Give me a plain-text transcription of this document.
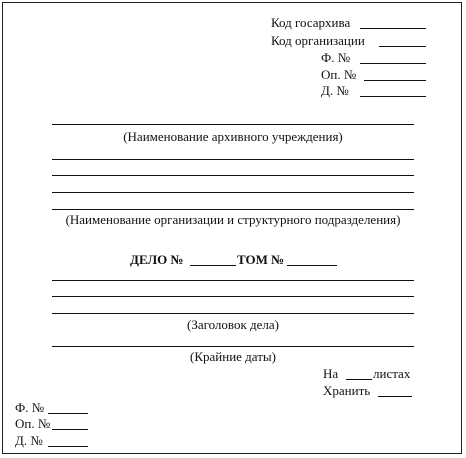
Код госархива
Код организации
Ф. №
Оп. №
Д. №
(Наименование архивного учреждения)
(Наименование организации и структурного подразделения)
ДЕЛО №	ТОМ №
(Заголовок дела)
(Крайние даты)
На	листах
Хранить
Ф. №
Оп. №
Д. №
